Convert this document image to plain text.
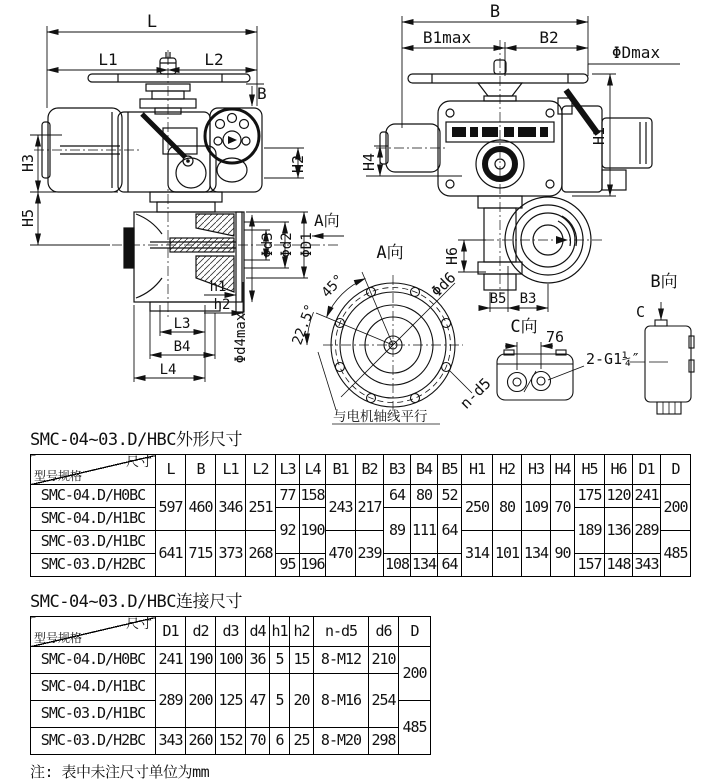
L
L1	L2
B
H3
H5
H2
Φd3 Φd2 ΦD1
Φd4max
A向
h1
h2
L3
B4
L4
B
B1max	B2
ΦDmax
H1
H4
H6
B5 B3
A向
45°
22.5°
Φd6
n-d5
与电机轴线平行
C向 76
2-G1¼″
B向
C
SMC-04~03.D/HBC外形尺寸
尺寸
型号规格	L	B	L1	L2	L3	L4	B1	B2	B3	B4	B5	H1	H2	H3	H4	H5	H6	D1	D
SMC-04.D/H0BC	597	460	346	251	77	158	243	217	64	80	52	250	80	109	70	175	120	241	200
SMC-04.D/H1BC					92	190			89	111	64					189	136	289	
SMC-03.D/H1BC	641	715	373	268			470	239				314	101	134	90				485
SMC-03.D/H2BC					95	196			108	134	64					157	148	343	
SMC-04~03.D/HBC连接尺寸
尺寸
型号规格	D1	d2	d3	d4	h1	h2	n-d5	d6	D
SMC-04.D/H0BC	241	190	100	36	5	15	8-M12	210	200
SMC-04.D/H1BC	289	200	125	47	5	20	8-M16	254	
SMC-03.D/H1BC									485
SMC-03.D/H2BC	343	260	152	70	6	25	8-M20	298	
注: 表中未注尺寸单位为mm
